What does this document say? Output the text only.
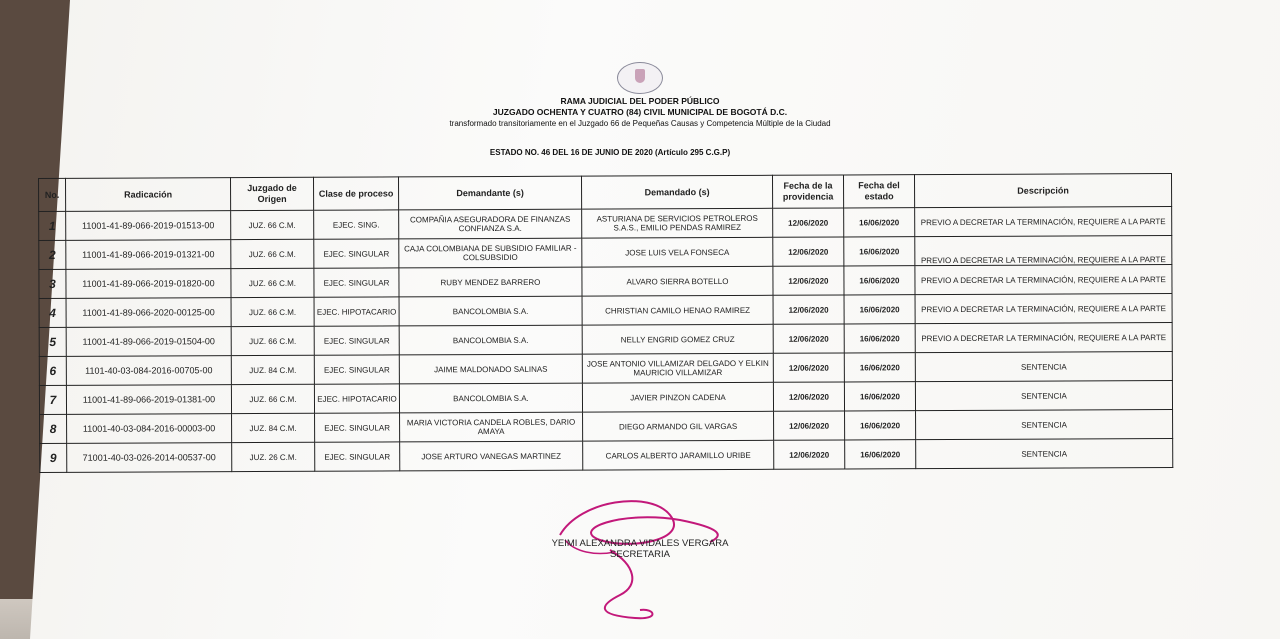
RAMA JUDICIAL DEL PODER PÚBLICO
JUZGADO OCHENTA Y CUATRO (84) CIVIL MUNICIPAL DE BOGOTÁ D.C.
transformado transitoriamente en el Juzgado 66 de Pequeñas Causas y Competencia Múltiple de la Ciudad
ESTADO NO. 46 DEL 16 DE JUNIO DE 2020 (Artículo 295 C.G.P)
No.	Radicación	Juzgado de Origen	Clase de proceso	Demandante (s)	Demandado (s)	Fecha de la providencia	Fecha del estado	Descripción
1	11001-41-89-066-2019-01513-00	JUZ. 66 C.M.	EJEC. SING.	COMPAÑIA ASEGURADORA DE FINANZAS CONFIANZA S.A.	ASTURIANA DE SERVICIOS PETROLEROS S.A.S., EMILIO PENDAS RAMIREZ	12/06/2020	16/06/2020	PREVIO A DECRETAR LA TERMINACIÓN, REQUIERE A LA PARTE
2	11001-41-89-066-2019-01321-00	JUZ. 66 C.M.	EJEC. SINGULAR	CAJA COLOMBIANA DE SUBSIDIO FAMILIAR - COLSUBSIDIO	JOSE LUIS VELA FONSECA	12/06/2020	16/06/2020	PREVIO A DECRETAR LA TERMINACIÓN, REQUIERE A LA PARTE
3	11001-41-89-066-2019-01820-00	JUZ. 66 C.M.	EJEC. SINGULAR	RUBY MENDEZ BARRERO	ALVARO SIERRA BOTELLO	12/06/2020	16/06/2020	PREVIO A DECRETAR LA TERMINACIÓN, REQUIERE A LA PARTE
4	11001-41-89-066-2020-00125-00	JUZ. 66 C.M.	EJEC. HIPOTACARIO	BANCOLOMBIA S.A.	CHRISTIAN CAMILO HENAO RAMIREZ	12/06/2020	16/06/2020	PREVIO A DECRETAR LA TERMINACIÓN, REQUIERE A LA PARTE
5	11001-41-89-066-2019-01504-00	JUZ. 66 C.M.	EJEC. SINGULAR	BANCOLOMBIA S.A.	NELLY ENGRID GOMEZ CRUZ	12/06/2020	16/06/2020	PREVIO A DECRETAR LA TERMINACIÓN, REQUIERE A LA PARTE
6	1101-40-03-084-2016-00705-00	JUZ. 84 C.M.	EJEC. SINGULAR	JAIME MALDONADO SALINAS	JOSE ANTONIO VILLAMIZAR DELGADO Y ELKIN MAURICIO VILLAMIZAR	12/06/2020	16/06/2020	SENTENCIA
7	11001-41-89-066-2019-01381-00	JUZ. 66 C.M.	EJEC. HIPOTACARIO	BANCOLOMBIA S.A.	JAVIER PINZON CADENA	12/06/2020	16/06/2020	SENTENCIA
8	11001-40-03-084-2016-00003-00	JUZ. 84 C.M.	EJEC. SINGULAR	MARIA VICTORIA CANDELA ROBLES, DARIO AMAYA	DIEGO ARMANDO GIL VARGAS	12/06/2020	16/06/2020	SENTENCIA
9	71001-40-03-026-2014-00537-00	JUZ. 26 C.M.	EJEC. SINGULAR	JOSE ARTURO VANEGAS MARTINEZ	CARLOS ALBERTO JARAMILLO URIBE	12/06/2020	16/06/2020	SENTENCIA
YEIMI ALEXANDRA VIDALES VERGARA
SECRETARIA
